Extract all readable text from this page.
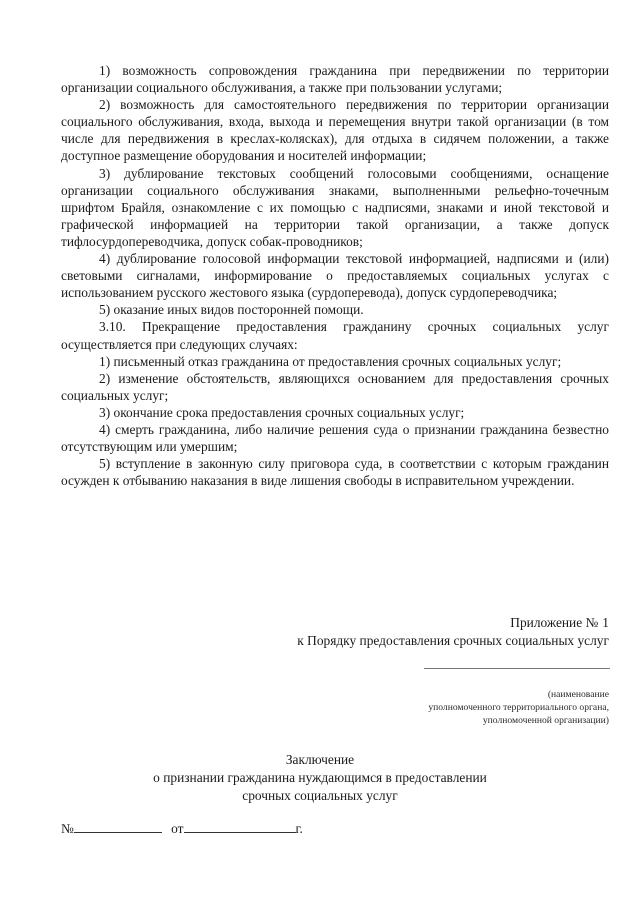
1) возможность сопровождения гражданина при передвижении по территории организации социального обслуживания, а также при пользовании услугами;

2) возможность для самостоятельного передвижения по территории организации социального обслуживания, входа, выхода и перемещения внутри такой организации (в том числе для передвижения в креслах-колясках), для отдыха в сидячем положении, а также доступное размещение оборудования и носителей информации;

3) дублирование текстовых сообщений голосовыми сообщениями, оснащение организации социального обслуживания знаками, выполненными рельефно-точечным шрифтом Брайля, ознакомление с их помощью с надписями, знаками и иной текстовой и графической информацией на территории такой организации, а также допуск тифлосурдопереводчика, допуск собак-проводников;

4) дублирование голосовой информации текстовой информацией, надписями и (или) световыми сигналами, информирование о предоставляемых социальных услугах с использованием русского жестового языка (сурдоперевода), допуск сурдопереводчика;

5) оказание иных видов посторонней помощи.

3.10. Прекращение предоставления гражданину срочных социальных услуг осуществляется при следующих случаях:

1) письменный отказ гражданина от предоставления срочных социальных услуг;

2) изменение обстоятельств, являющихся основанием для предоставления срочных социальных услуг;

3) окончание срока предоставления срочных социальных услуг;

4) смерть гражданина, либо наличие решения суда о признании гражданина безвестно отсутствующим или умершим;

5) вступление в законную силу приговора суда, в соответствии с которым гражданин осужден к отбыванию наказания в виде лишения свободы в исправительном учреждении.

Приложение № 1
к Порядку предоставления срочных социальных услуг
(наименование
уполномоченного территориального органа,
уполномоченной организации)
Заключение
о признании гражданина нуждающимся в предоставлении
срочных социальных услуг
№	от	г.
